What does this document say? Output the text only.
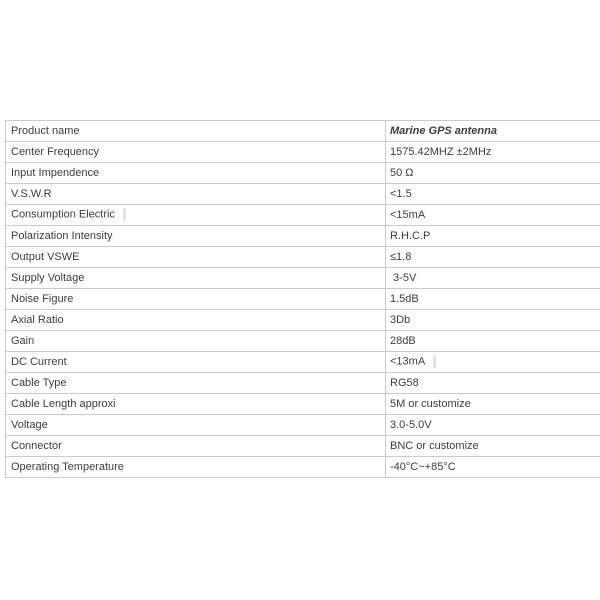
Product name	Marine GPS antenna
Center Frequency	1575.42MHZ ±2MHz
Input Impendence	50 Ω
V.S.W.R	<1.5
Consumption Electric	<15mA
Polarization Intensity	R.H.C.P
Output VSWE	≤1.8
Supply Voltage	3-5V
Noise Figure	1.5dB
Axial Ratio	3Db
Gain	28dB
DC Current	<13mA
Cable Type	RG58
Cable Length approxi	5M or customize
Voltage	3.0-5.0V
Connector	BNC or customize
Operating Temperature	-40°C~+85°C
